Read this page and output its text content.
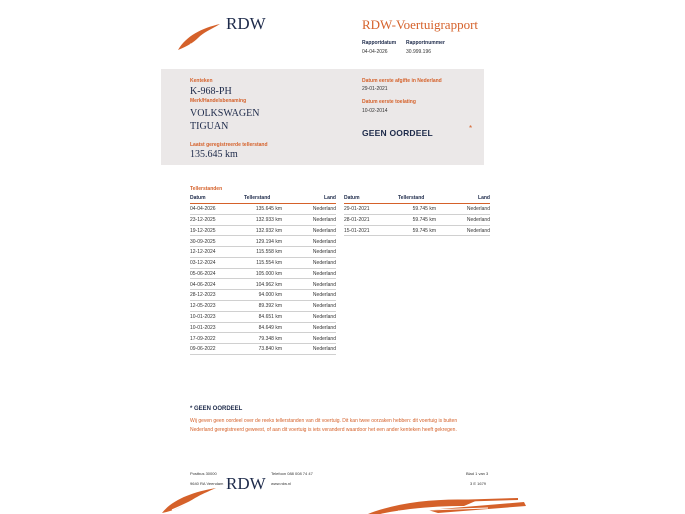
RDW	RDW-Voertuigrapport
Rapportdatum
04-04-2026
Rapportnummer
30.999.196
Kenteken
K-968-PH
Merk/Handelsbenaming
VOLKSWAGEN
TIGUAN
Laatst geregistreerde tellerstand
135.645 km
Datum eerste afgifte in Nederland
29-01-2021
Datum eerste toelating
10-02-2014
GEEN OORDEEL	*
Tellerstanden
Datum	Tellerstand	Land
04-04-2026	135.645 km	Nederland
23-12-2025	132.933 km	Nederland
19-12-2025	132.932 km	Nederland
30-09-2025	129.194 km	Nederland
12-12-2024	115.558 km	Nederland
03-12-2024	115.554 km	Nederland
05-06-2024	105.000 km	Nederland
04-06-2024	104.962 km	Nederland
28-12-2023	94.000 km	Nederland
12-05-2023	89.392 km	Nederland
10-01-2023	84.651 km	Nederland
10-01-2023	84.649 km	Nederland
17-09-2022	79.348 km	Nederland
09-06-2022	73.840 km	Nederland
Datum	Tellerstand	Land
29-01-2021	59.745 km	Nederland
28-01-2021	59.745 km	Nederland
15-01-2021	59.745 km	Nederland
* GEEN OORDEEL
Wij geven geen oordeel over de reeks tellerstanden van dit voertuig. Dit kan twee oorzaken hebben: dit voertuig is buiten Nederland geregistreerd geweest, of aan dit voertuig is iets veranderd waardoor het een ander kenteken heeft gekregen.
Postbus 30000
9640 RA Veendam
Telefoon 088 008 74 47
www.rdw.nl
Blad 1 van 3
3 E 1679
RDW
